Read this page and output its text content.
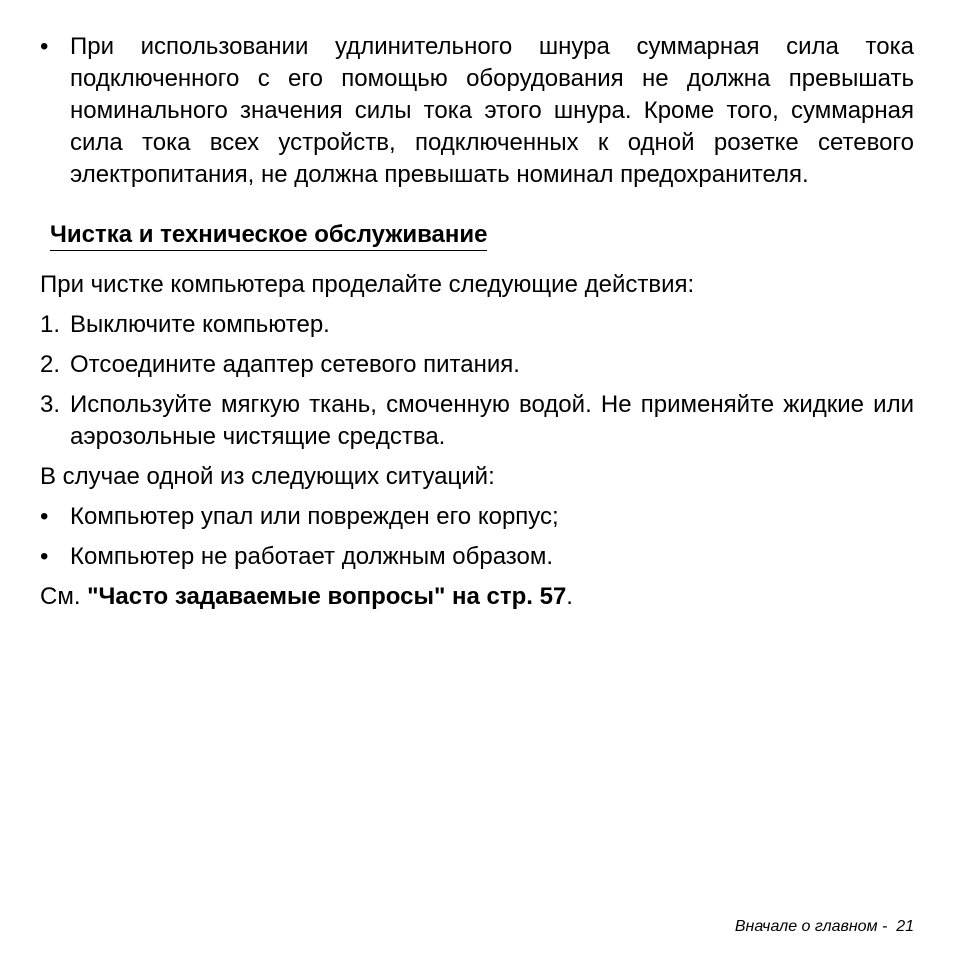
• При использовании удлинительного шнура суммарная сила тока подключенного с его помощью оборудования не должна превышать номинального значения силы тока этого шнура. Кроме того, суммарная сила тока всех устройств, подключенных к одной розетке сетевого электропитания, не должна превышать номинал предохранителя.
Чистка и техническое обслуживание
При чистке компьютера проделайте следующие действия:
1. Выключите компьютер.
2. Отсоедините адаптер сетевого питания.
3. Используйте мягкую ткань, смоченную водой. Не применяйте жидкие или аэрозольные чистящие средства.
В случае одной из следующих ситуаций:
• Компьютер упал или поврежден его корпус;
• Компьютер не работает должным образом.
См. "Часто задаваемые вопросы" на стр. 57.
Вначале о главном -  21
